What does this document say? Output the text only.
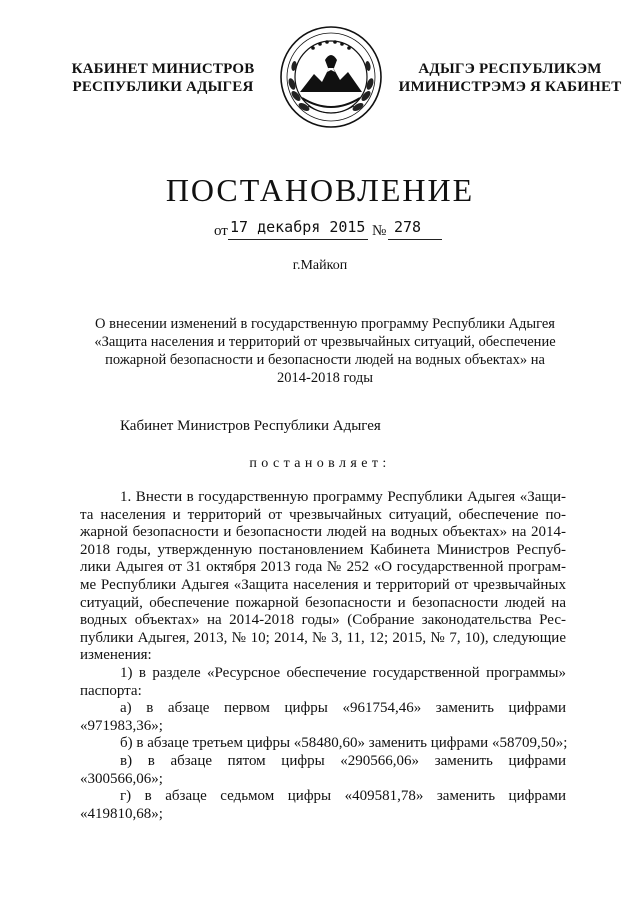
КАБИНЕТ МИНИСТРОВ
РЕСПУБЛИКИ АДЫГЕЯ
АДЫГЭ РЕСПУБЛИКЭМ
ИМИНИСТРЭМЭ Я КАБИНЕТ
ПОСТАНОВЛЕНИЕ
от 17 декабря 2015 № 278
г.Майкоп
О внесении изменений в государственную программу Республики Адыгея
«Защита населения и территорий от чрезвычайных ситуаций, обеспечение
пожарной безопасности и безопасности людей на водных объектах» на
2014-2018 годы
Кабинет Министров Республики Адыгея
постановляет:
1. Внести в государственную программу Республики Адыгея «Защи-
та населения и территорий от чрезвычайных ситуаций, обеспечение по-
жарной безопасности и безопасности людей на водных объектах» на 2014-
2018 годы, утвержденную постановлением Кабинета Министров Респуб-
лики Адыгея от 31 октября 2013 года № 252 «О государственной програм-
ме Республики Адыгея «Защита населения и территорий от чрезвычайных
ситуаций, обеспечение пожарной безопасности и безопасности людей на
водных объектах» на 2014-2018 годы» (Собрание законодательства Рес-
публики Адыгея, 2013, № 10; 2014, № 3, 11, 12; 2015, № 7, 10), следующие
изменения:
1) в разделе «Ресурсное обеспечение государственной программы»
паспорта:
а) в абзаце первом цифры «961754,46» заменить цифрами
«971983,36»;
б) в абзаце третьем цифры «58480,60» заменить цифрами «58709,50»;
в) в абзаце пятом цифры «290566,06» заменить цифрами
«300566,06»;
г) в абзаце седьмом цифры «409581,78» заменить цифрами
«419810,68»;
